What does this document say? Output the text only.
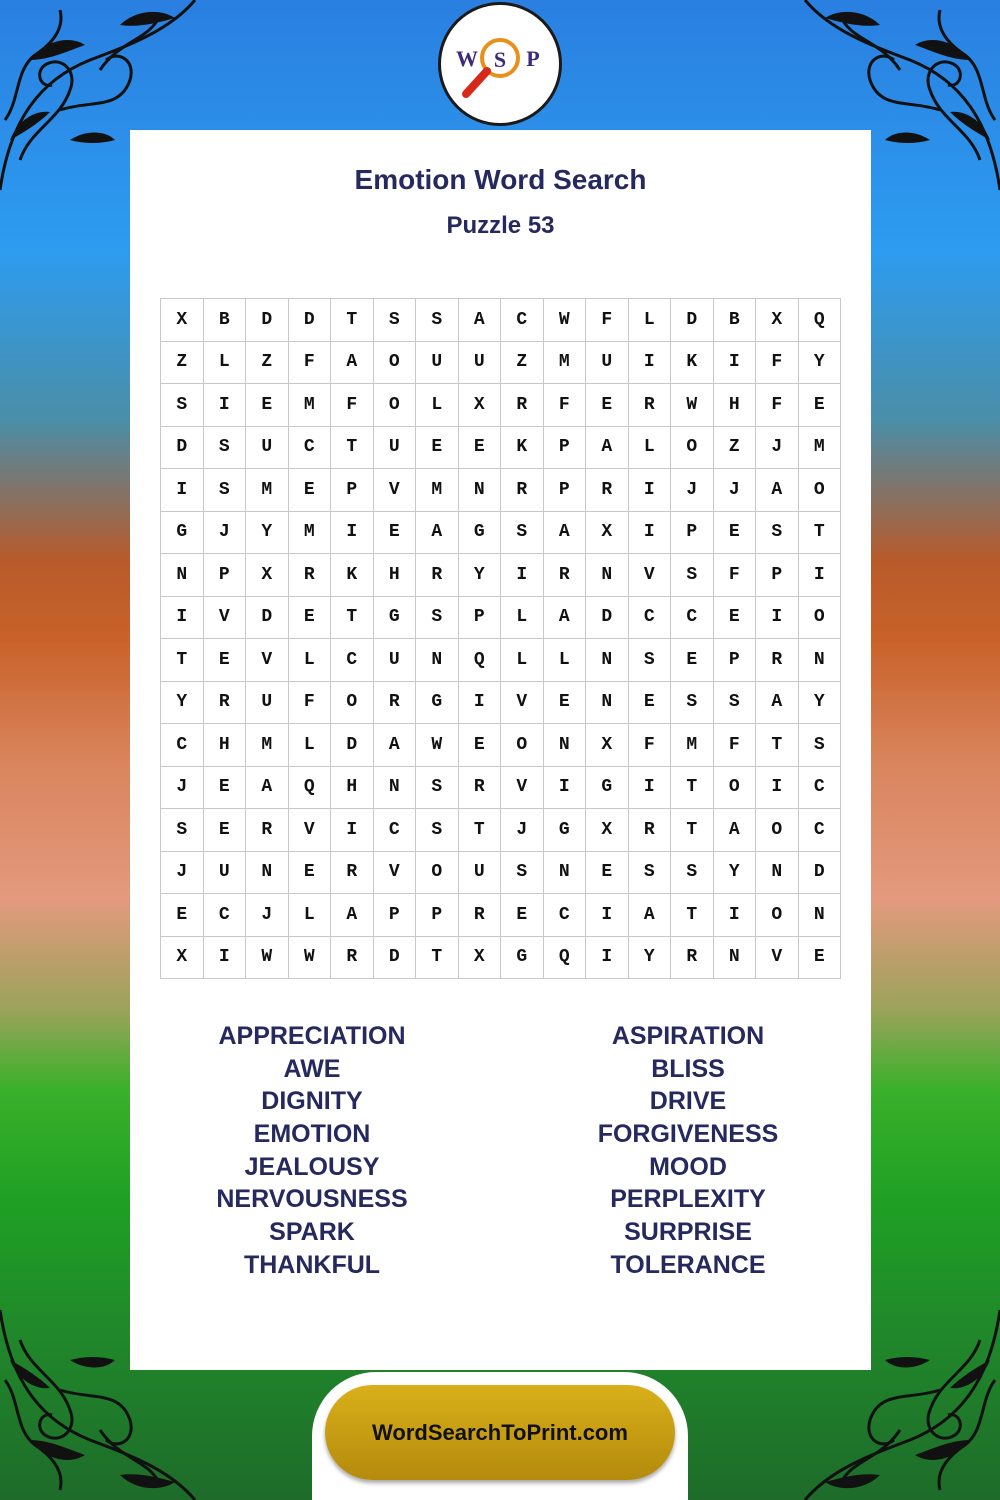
W S P
Emotion Word Search
Puzzle 53
X	B	D	D	T	S	S	A	C	W	F	L	D	B	X	Q
Z	L	Z	F	A	O	U	U	Z	M	U	I	K	I	F	Y
S	I	E	M	F	O	L	X	R	F	E	R	W	H	F	E
D	S	U	C	T	U	E	E	K	P	A	L	O	Z	J	M
I	S	M	E	P	V	M	N	R	P	R	I	J	J	A	O
G	J	Y	M	I	E	A	G	S	A	X	I	P	E	S	T
N	P	X	R	K	H	R	Y	I	R	N	V	S	F	P	I
I	V	D	E	T	G	S	P	L	A	D	C	C	E	I	O
T	E	V	L	C	U	N	Q	L	L	N	S	E	P	R	N
Y	R	U	F	O	R	G	I	V	E	N	E	S	S	A	Y
C	H	M	L	D	A	W	E	O	N	X	F	M	F	T	S
J	E	A	Q	H	N	S	R	V	I	G	I	T	O	I	C
S	E	R	V	I	C	S	T	J	G	X	R	T	A	O	C
J	U	N	E	R	V	O	U	S	N	E	S	S	Y	N	D
E	C	J	L	A	P	P	R	E	C	I	A	T	I	O	N
X	I	W	W	R	D	T	X	G	Q	I	Y	R	N	V	E
APPRECIATION
AWE
DIGNITY
EMOTION
JEALOUSY
NERVOUSNESS
SPARK
THANKFUL
ASPIRATION
BLISS
DRIVE
FORGIVENESS
MOOD
PERPLEXITY
SURPRISE
TOLERANCE
WordSearchToPrint.com
